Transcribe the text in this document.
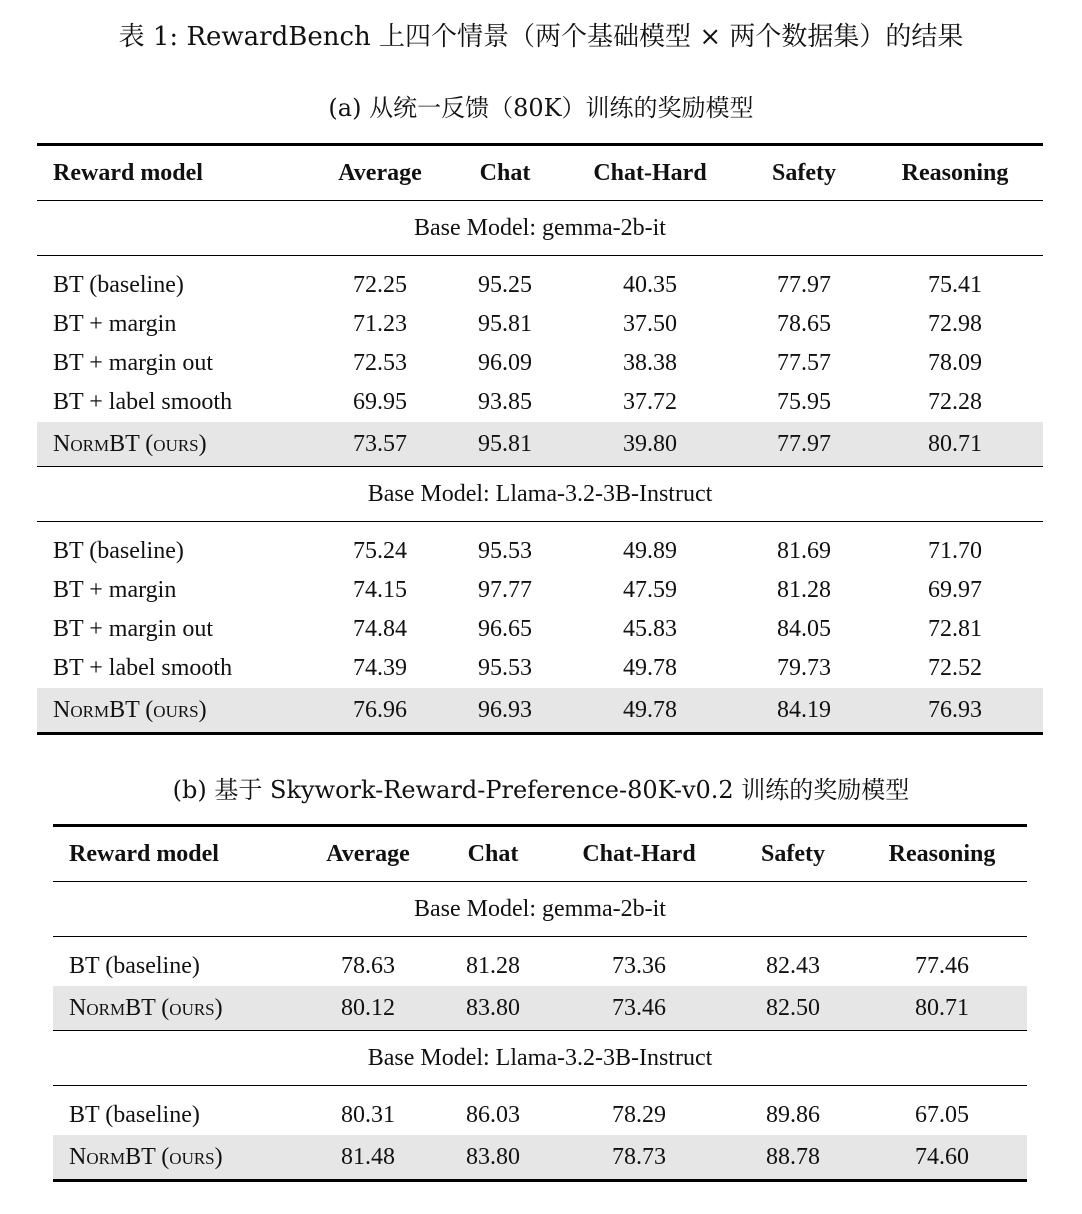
表 1: RewardBench 上四个情景（两个基础模型 × 两个数据集）的结果
(a) 从统一反馈（80K）训练的奖励模型
Reward model	Average	Chat	Chat-Hard	Safety	Reasoning
Base Model: gemma-2b-it					
BT (baseline)	72.25	95.25	40.35	77.97	75.41
BT + margin	71.23	95.81	37.50	78.65	72.98
BT + margin out	72.53	96.09	38.38	77.57	78.09
BT + label smooth	69.95	93.85	37.72	75.95	72.28
NormBT (ours)	73.57	95.81	39.80	77.97	80.71
Base Model: Llama-3.2-3B-Instruct					
BT (baseline)	75.24	95.53	49.89	81.69	71.70
BT + margin	74.15	97.77	47.59	81.28	69.97
BT + margin out	74.84	96.65	45.83	84.05	72.81
BT + label smooth	74.39	95.53	49.78	79.73	72.52
NormBT (ours)	76.96	96.93	49.78	84.19	76.93
(b) 基于 Skywork-Reward-Preference-80K-v0.2 训练的奖励模型
Reward model	Average	Chat	Chat-Hard	Safety	Reasoning
Base Model: gemma-2b-it					
BT (baseline)	78.63	81.28	73.36	82.43	77.46
NormBT (ours)	80.12	83.80	73.46	82.50	80.71
Base Model: Llama-3.2-3B-Instruct					
BT (baseline)	80.31	86.03	78.29	89.86	67.05
NormBT (ours)	81.48	83.80	78.73	88.78	74.60
